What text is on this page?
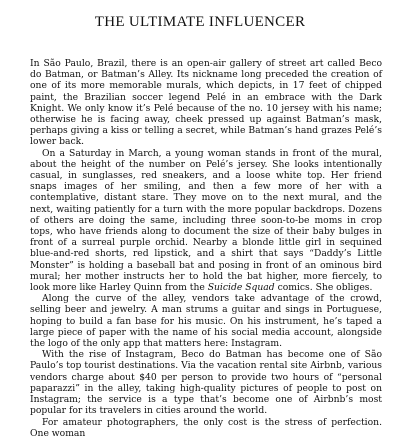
THE ULTIMATE INFLUENCER

In São Paulo, Brazil, there is an open-air gallery of street art called Beco do Batman, or Batman’s Alley. Its nickname long preceded the creation of one of its more memorable murals, which depicts, in 17 feet of chipped paint, the Brazilian soccer legend Pelé in an embrace with the Dark Knight. We only know it’s Pelé because of the no. 10 jersey with his name; otherwise he is facing away, cheek pressed up against Batman’s mask, perhaps giving a kiss or telling a secret, while Batman’s hand grazes Pelé’s lower back.

On a Saturday in March, a young woman stands in front of the mural, about the height of the number on Pelé’s jersey. She looks intentionally casual, in sunglasses, red sneakers, and a loose white top. Her friend snaps images of her smiling, and then a few more of her with a contemplative, distant stare. They move on to the next mural, and the next, waiting patiently for a turn with the more popular backdrops. Dozens of others are doing the same, including three soon-to-be moms in crop tops, who have friends along to document the size of their baby bulges in front of a surreal purple orchid. Nearby a blonde little girl in sequined blue-and-red shorts, red lipstick, and a shirt that says “Daddy’s Little Monster” is holding a baseball bat and posing in front of an ominous bird mural; her mother instructs her to hold the bat higher, more fiercely, to look more like Harley Quinn from the Suicide Squad comics. She obliges.

Along the curve of the alley, vendors take advantage of the crowd, selling beer and jewelry. A man strums a guitar and sings in Portuguese, hoping to build a fan base for his music. On his instrument, he’s taped a large piece of paper with the name of his social media account, alongside the logo of the only app that matters here: Instagram.

With the rise of Instagram, Beco do Batman has become one of São Paulo’s top tourist destinations. Via the vacation rental site Airbnb, various vendors charge about $40 per person to provide two hours of “personal paparazzi” in the alley, taking high-quality pictures of people to post on Instagram; the service is a type that’s become one of Airbnb’s most popular for its travelers in cities around the world.

For amateur photographers, the only cost is the stress of perfection. One woman
